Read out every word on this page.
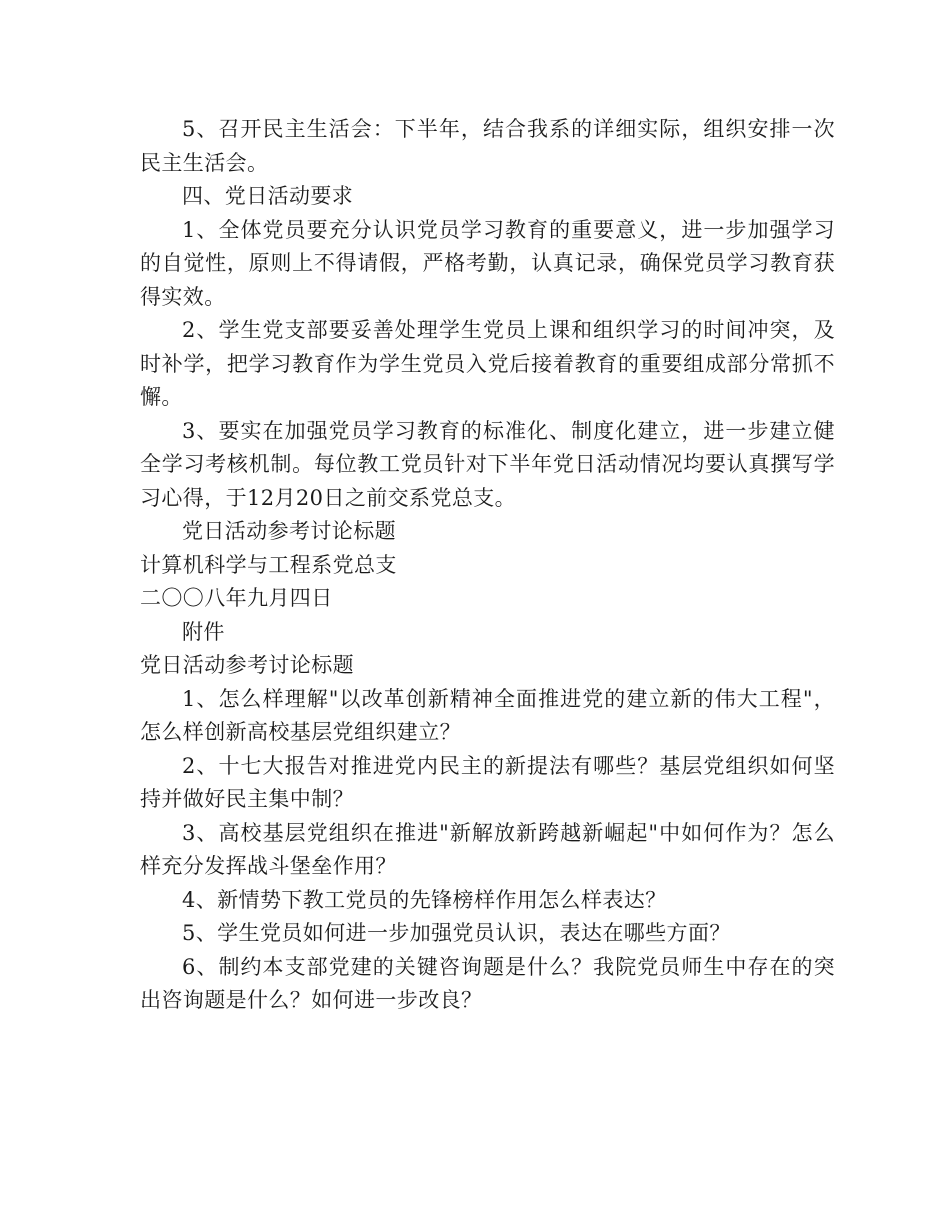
5、召开民主生活会：下半年，结合我系的详细实际，组织安排一次民主生活会。

四、党日活动要求

1、全体党员要充分认识党员学习教育的重要意义，进一步加强学习的自觉性，原则上不得请假，严格考勤，认真记录，确保党员学习教育获得实效。

2、学生党支部要妥善处理学生党员上课和组织学习的时间冲突，及时补学，把学习教育作为学生党员入党后接着教育的重要组成部分常抓不懈。

3、要实在加强党员学习教育的标准化、制度化建立，进一步建立健全学习考核机制。每位教工党员针对下半年党日活动情况均要认真撰写学习心得，于12月20日之前交系党总支。

党日活动参考讨论标题

计算机科学与工程系党总支

二〇〇八年九月四日

附件

党日活动参考讨论标题

1、怎么样理解"以改革创新精神全面推进党的建立新的伟大工程"，怎么样创新高校基层党组织建立？

2、十七大报告对推进党内民主的新提法有哪些？基层党组织如何坚持并做好民主集中制？

3、高校基层党组织在推进"新解放新跨越新崛起"中如何作为？怎么样充分发挥战斗堡垒作用？

4、新情势下教工党员的先锋榜样作用怎么样表达？

5、学生党员如何进一步加强党员认识，表达在哪些方面？

6、制约本支部党建的关键咨询题是什么？我院党员师生中存在的突出咨询题是什么？如何进一步改良？
